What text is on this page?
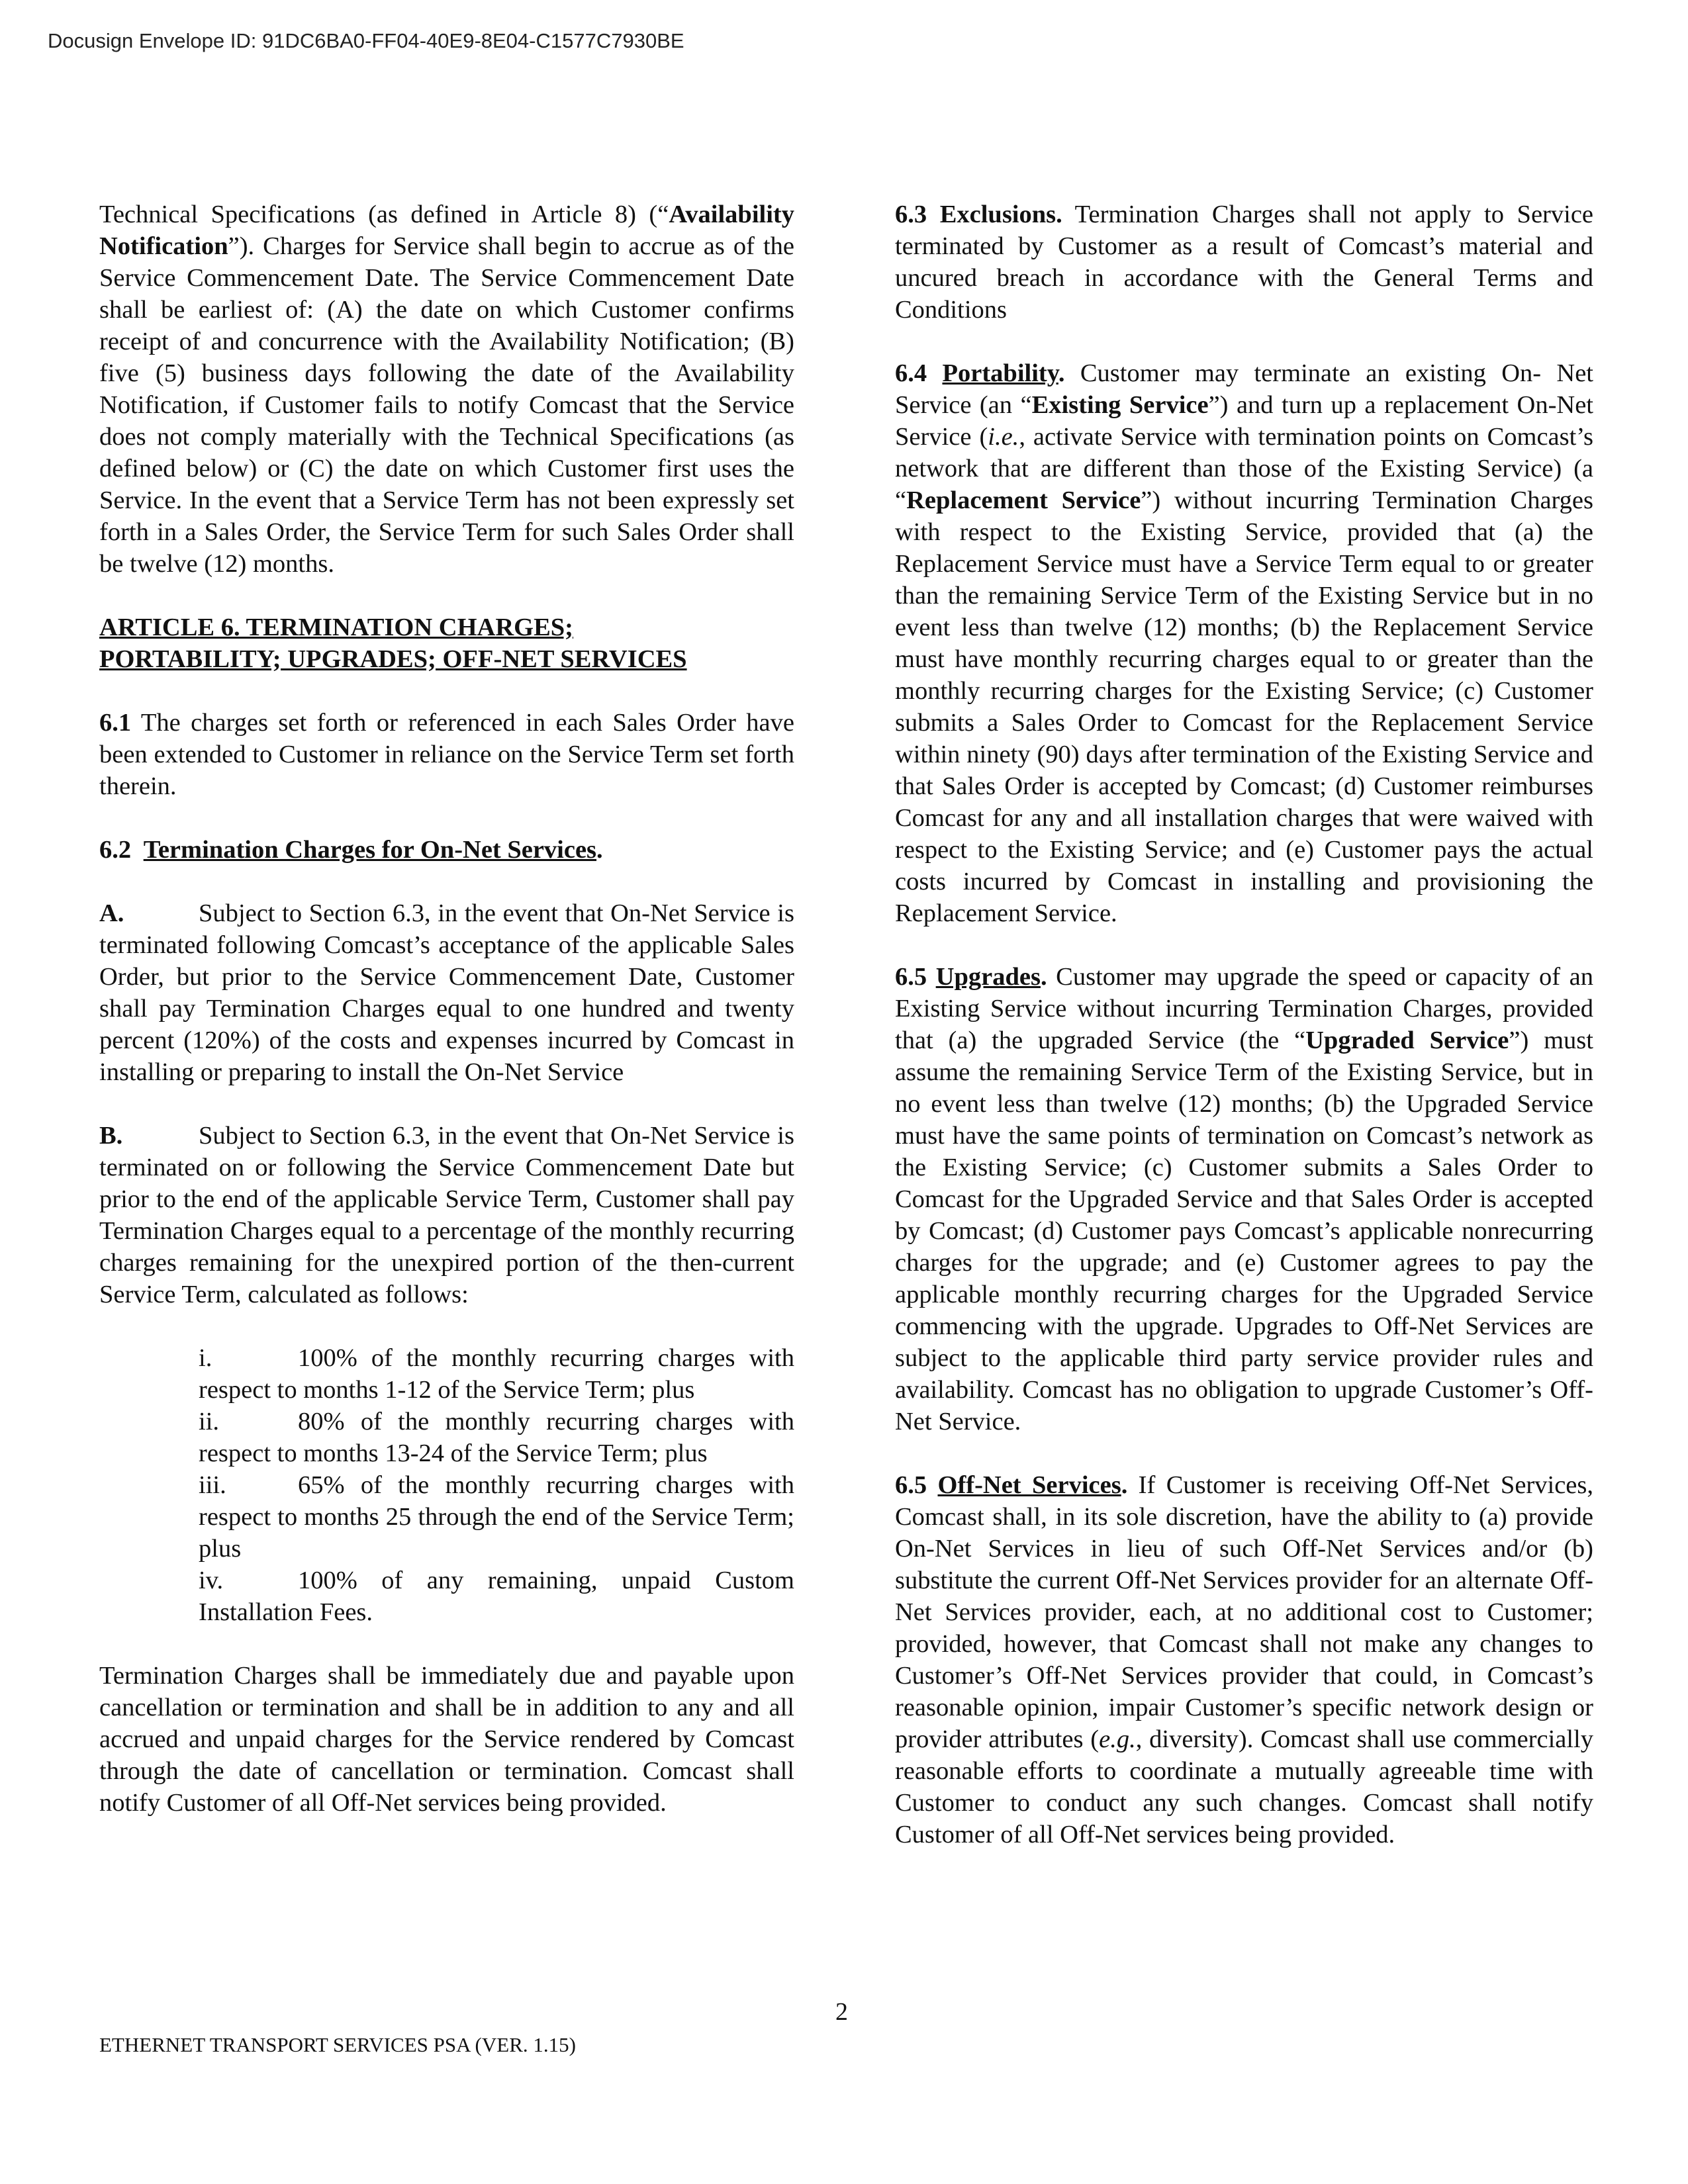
Docusign Envelope ID: 91DC6BA0-FF04-40E9-8E04-C1577C7930BE

Technical Specifications (as defined in Article 8) (“Availability Notification”). Charges for Service shall begin to accrue as of the Service Commencement Date. The Service Commencement Date shall be earliest of: (A) the date on which Customer confirms receipt of and concurrence with the Availability Notification; (B) five (5) business days following the date of the Availability Notification, if Customer fails to notify Comcast that the Service does not comply materially with the Technical Specifications (as defined below) or (C) the date on which Customer first uses the Service. In the event that a Service Term has not been expressly set forth in a Sales Order, the Service Term for such Sales Order shall be twelve (12) months.

ARTICLE 6. TERMINATION CHARGES;
PORTABILITY; UPGRADES; OFF-NET SERVICES

6.1 The charges set forth or referenced in each Sales Order have been extended to Customer in reliance on the Service Term set forth therein.

6.2 Termination Charges for On-Net Services.

A.	Subject to Section 6.3, in the event that On-Net Service is terminated following Comcast’s acceptance of the applicable Sales Order, but prior to the Service Commencement Date, Customer shall pay Termination Charges equal to one hundred and twenty percent (120%) of the costs and expenses incurred by Comcast in installing or preparing to install the On-Net Service

B.	Subject to Section 6.3, in the event that On-Net Service is terminated on or following the Service Commencement Date but prior to the end of the applicable Service Term, Customer shall pay Termination Charges equal to a percentage of the monthly recurring charges remaining for the unexpired portion of the then-current Service Term, calculated as follows:

i.	100% of the monthly recurring charges with respect to months 1-12 of the Service Term; plus
ii.	80% of the monthly recurring charges with respect to months 13-24 of the Service Term; plus
iii.	65% of the monthly recurring charges with respect to months 25 through the end of the Service Term; plus
iv.	100% of any remaining, unpaid Custom Installation Fees.

Termination Charges shall be immediately due and payable upon cancellation or termination and shall be in addition to any and all accrued and unpaid charges for the Service rendered by Comcast through the date of cancellation or termination. Comcast shall notify Customer of all Off-Net services being provided.

6.3 Exclusions. Termination Charges shall not apply to Service terminated by Customer as a result of Comcast’s material and uncured breach in accordance with the General Terms and Conditions

6.4 Portability. Customer may terminate an existing On- Net Service (an “Existing Service”) and turn up a replacement On-Net Service (i.e., activate Service with termination points on Comcast’s network that are different than those of the Existing Service) (a “Replacement Service”) without incurring Termination Charges with respect to the Existing Service, provided that (a) the Replacement Service must have a Service Term equal to or greater than the remaining Service Term of the Existing Service but in no event less than twelve (12) months; (b) the Replacement Service must have monthly recurring charges equal to or greater than the monthly recurring charges for the Existing Service; (c) Customer submits a Sales Order to Comcast for the Replacement Service within ninety (90) days after termination of the Existing Service and that Sales Order is accepted by Comcast; (d) Customer reimburses Comcast for any and all installation charges that were waived with respect to the Existing Service; and (e) Customer pays the actual costs incurred by Comcast in installing and provisioning the Replacement Service.

6.5 Upgrades. Customer may upgrade the speed or capacity of an Existing Service without incurring Termination Charges, provided that (a) the upgraded Service (the “Upgraded Service”) must assume the remaining Service Term of the Existing Service, but in no event less than twelve (12) months; (b) the Upgraded Service must have the same points of termination on Comcast’s network as the Existing Service; (c) Customer submits a Sales Order to Comcast for the Upgraded Service and that Sales Order is accepted by Comcast; (d) Customer pays Comcast’s applicable nonrecurring charges for the upgrade; and (e) Customer agrees to pay the applicable monthly recurring charges for the Upgraded Service commencing with the upgrade. Upgrades to Off-Net Services are subject to the applicable third party service provider rules and availability. Comcast has no obligation to upgrade Customer’s Off-Net Service.

6.5 Off-Net Services. If Customer is receiving Off-Net Services, Comcast shall, in its sole discretion, have the ability to (a) provide On-Net Services in lieu of such Off-Net Services and/or (b) substitute the current Off-Net Services provider for an alternate Off-Net Services provider, each, at no additional cost to Customer; provided, however, that Comcast shall not make any changes to Customer’s Off-Net Services provider that could, in Comcast’s reasonable opinion, impair Customer’s specific network design or provider attributes (e.g., diversity). Comcast shall use commercially reasonable efforts to coordinate a mutually agreeable time with Customer to conduct any such changes. Comcast shall notify Customer of all Off-Net services being provided.

2
ETHERNET TRANSPORT SERVICES PSA (VER. 1.15)
